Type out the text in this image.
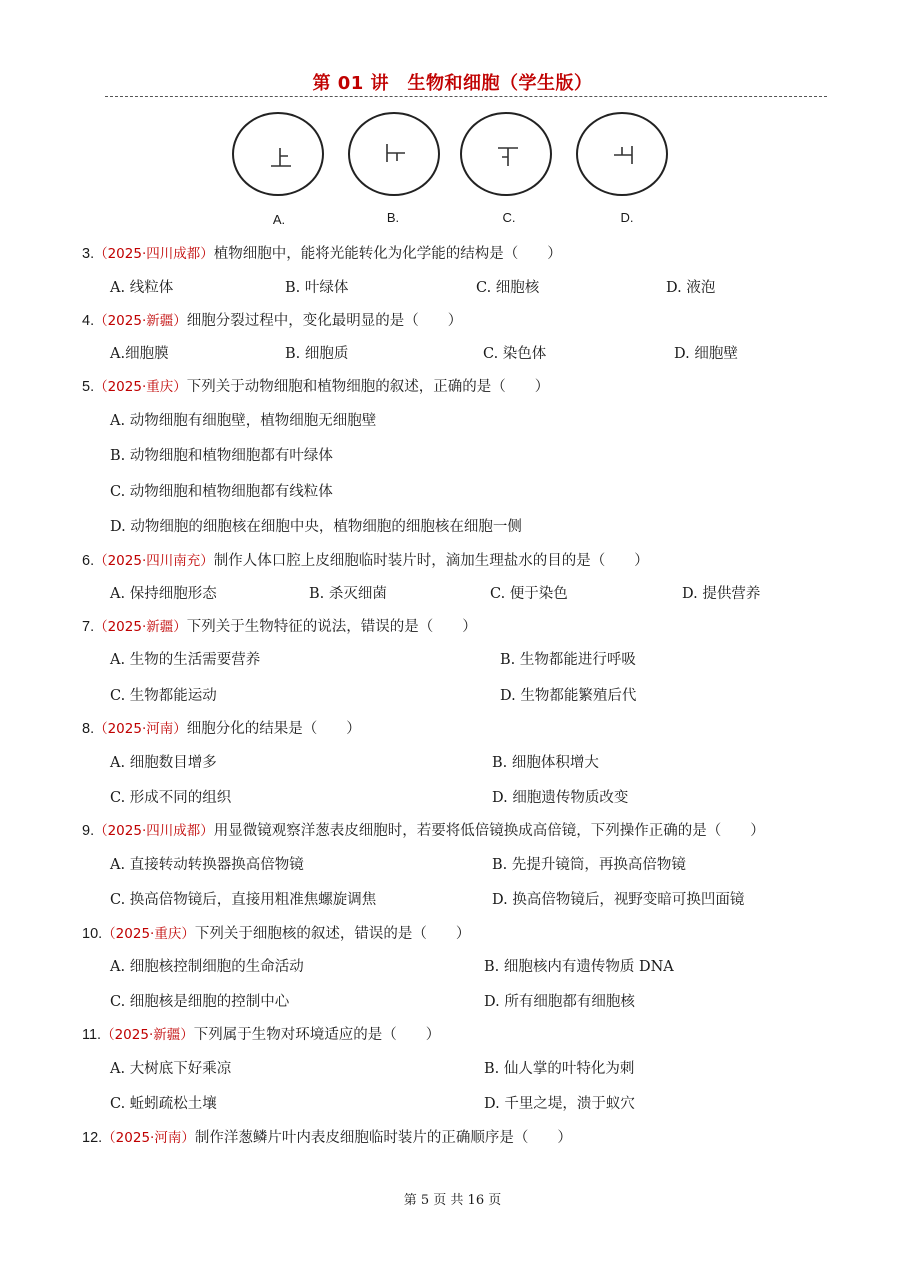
第 01 讲　生物和细胞（学生版）
A.	B.	C.	D.
3.（2025·四川成都）植物细胞中，能将光能转化为化学能的结构是（　　）
A. 线粒体	B. 叶绿体	C. 细胞核	D. 液泡
4.（2025·新疆）细胞分裂过程中，变化最明显的是（　　）
A.细胞膜	B. 细胞质	C. 染色体	D. 细胞壁
5.（2025·重庆）下列关于动物细胞和植物细胞的叙述，正确的是（　　）
A. 动物细胞有细胞壁，植物细胞无细胞壁
B. 动物细胞和植物细胞都有叶绿体
C. 动物细胞和植物细胞都有线粒体
D. 动物细胞的细胞核在细胞中央，植物细胞的细胞核在细胞一侧
6.（2025·四川南充）制作人体口腔上皮细胞临时装片时，滴加生理盐水的目的是（　　）
A. 保持细胞形态	B. 杀灭细菌	C. 便于染色	D. 提供营养
7.（2025·新疆）下列关于生物特征的说法，错误的是（　　）
A. 生物的生活需要营养	B. 生物都能进行呼吸
C. 生物都能运动	D. 生物都能繁殖后代
8.（2025·河南）细胞分化的结果是（　　）
A. 细胞数目增多	B. 细胞体积增大
C. 形成不同的组织	D. 细胞遗传物质改变
9.（2025·四川成都）用显微镜观察洋葱表皮细胞时，若要将低倍镜换成高倍镜，下列操作正确的是（　　）
A. 直接转动转换器换高倍物镜	B. 先提升镜筒，再换高倍物镜
C. 换高倍物镜后，直接用粗准焦螺旋调焦	D. 换高倍物镜后，视野变暗可换凹面镜
10.（2025·重庆）下列关于细胞核的叙述，错误的是（　　）
A. 细胞核控制细胞的生命活动	B. 细胞核内有遗传物质 DNA
C. 细胞核是细胞的控制中心	D. 所有细胞都有细胞核
11.（2025·新疆）下列属于生物对环境适应的是（　　）
A. 大树底下好乘凉	B. 仙人掌的叶特化为刺
C. 蚯蚓疏松土壤	D. 千里之堤，溃于蚁穴
12.（2025·河南）制作洋葱鳞片叶内表皮细胞临时装片的正确顺序是（　　）
第 5 页 共 16 页
